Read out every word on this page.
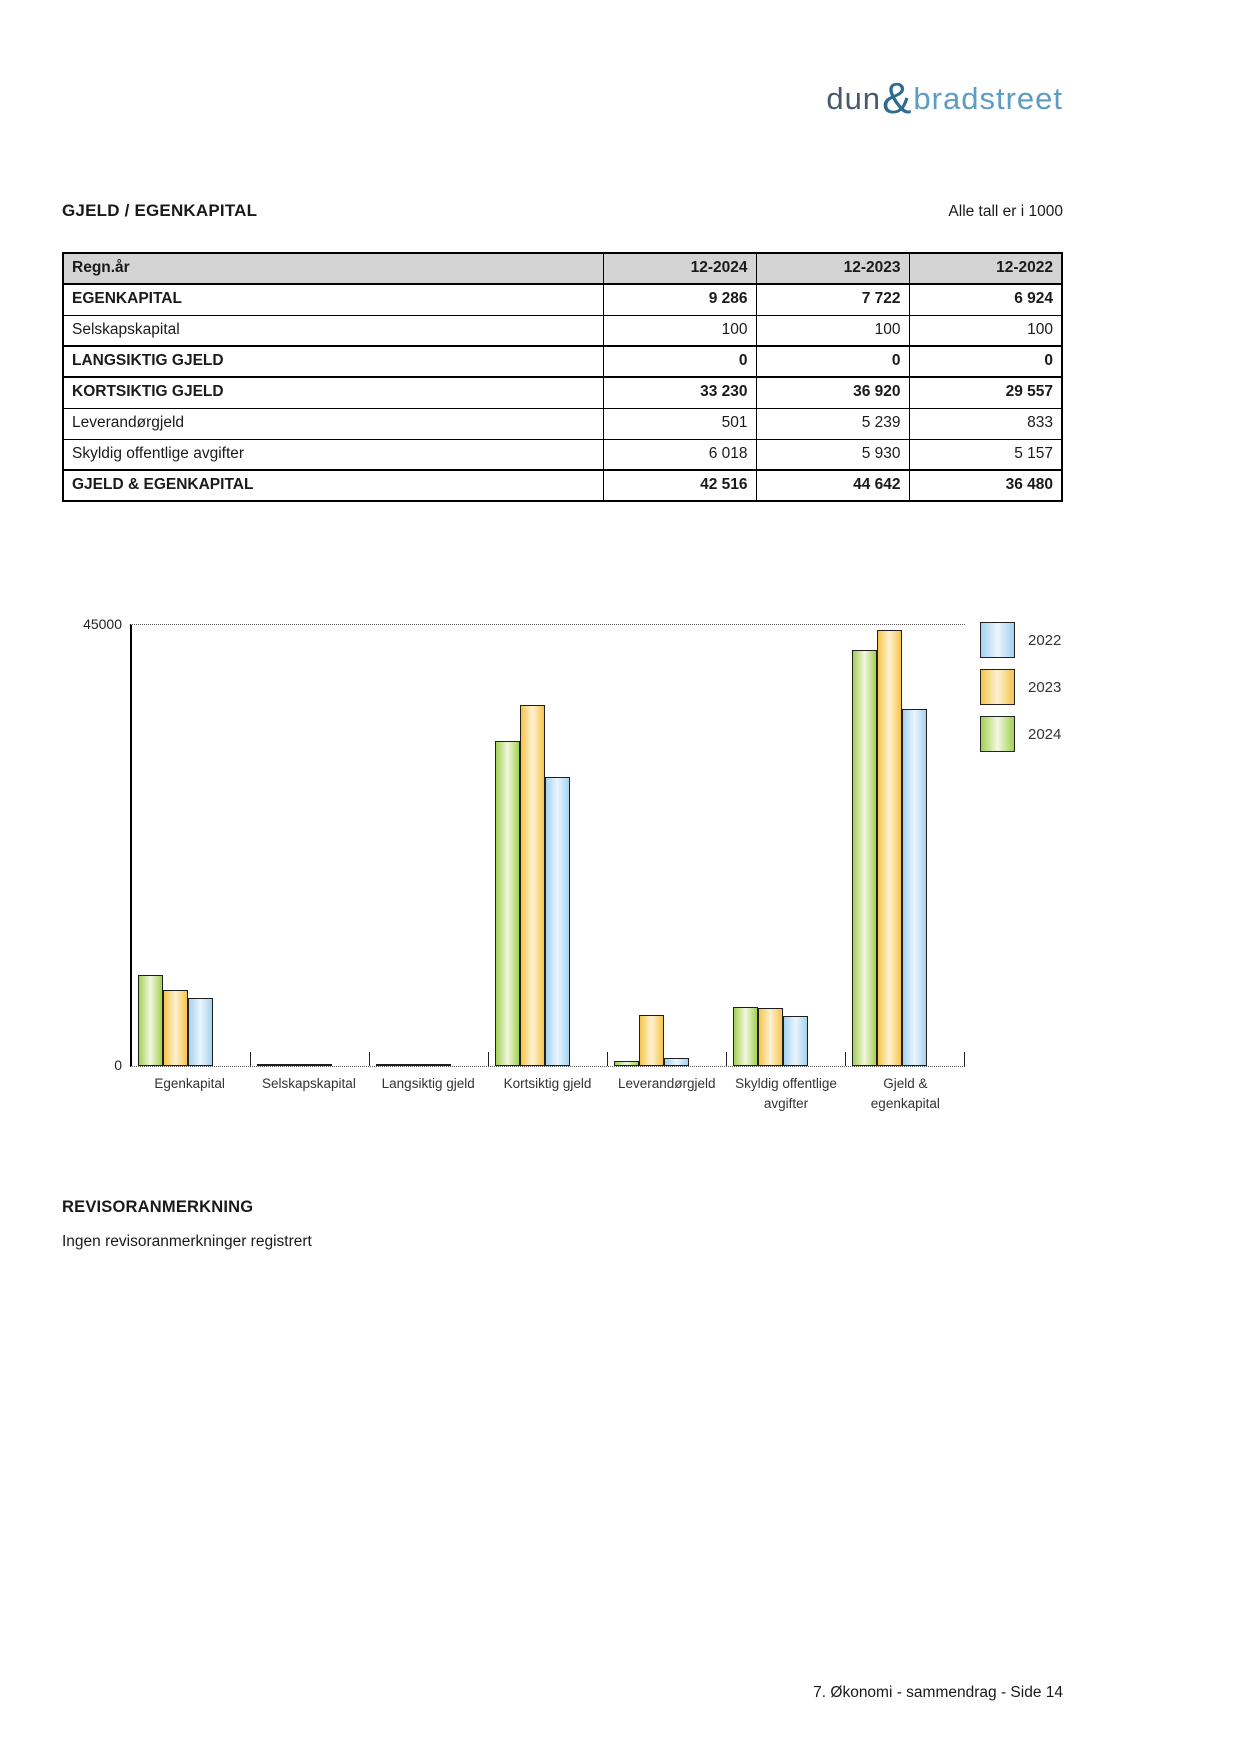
dun&bradstreet
GJELD / EGENKAPITAL	Alle tall er i 1000
Regn.år	12-2024	12-2023	12-2022
EGENKAPITAL	9 286	7 722	6 924
Selskapskapital	100	100	100
LANGSIKTIG GJELD	0	0	0
KORTSIKTIG GJELD	33 230	36 920	29 557
Leverandørgjeld	501	5 239	833
Skyldig offentlige avgifter	6 018	5 930	5 157
GJELD & EGENKAPITAL	42 516	44 642	36 480
45000
0
Egenkapital	Selskapskapital	Langsiktig gjeld	Kortsiktig gjeld	Leverandørgjeld	Skyldig offentlige avgifter
Gjeld & egenkapital
2022
2023
2024
REVISORANMERKNING
Ingen revisoranmerkninger registrert
7. Økonomi - sammendrag - Side 14
